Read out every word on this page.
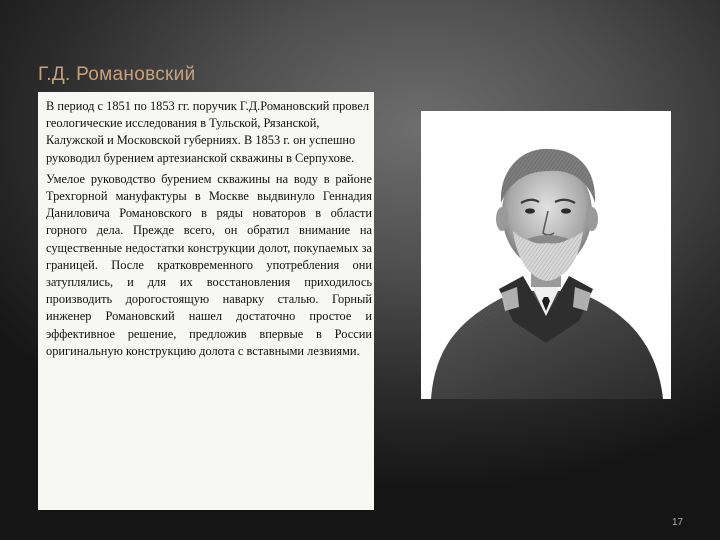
Г.Д. Романовский

В период с 1851 по 1853 гг. поручик Г.Д.Романовский провел геологические исследования в Тульской, Рязанской, Калужской и Московской губерниях. В 1853 г. он успешно руководил бурением артезианской скважины в Серпухове.

Умелое руководство бурением скважины на воду в районе Трехгорной мануфактуры в Москве выдвинуло Геннадия Даниловича Романовского в ряды новаторов в области горного дела. Прежде всего, он обратил внимание на существенные недостатки конструкции долот, покупаемых за границей. После кратковременного употребления они затуплялись, и для их восстановления приходилось производить дорогостоящую наварку сталью. Горный инженер Романовский нашел достаточно простое и эффективное решение, предложив впервые в России оригинальную конструкцию долота с вставными лезвиями.

17
